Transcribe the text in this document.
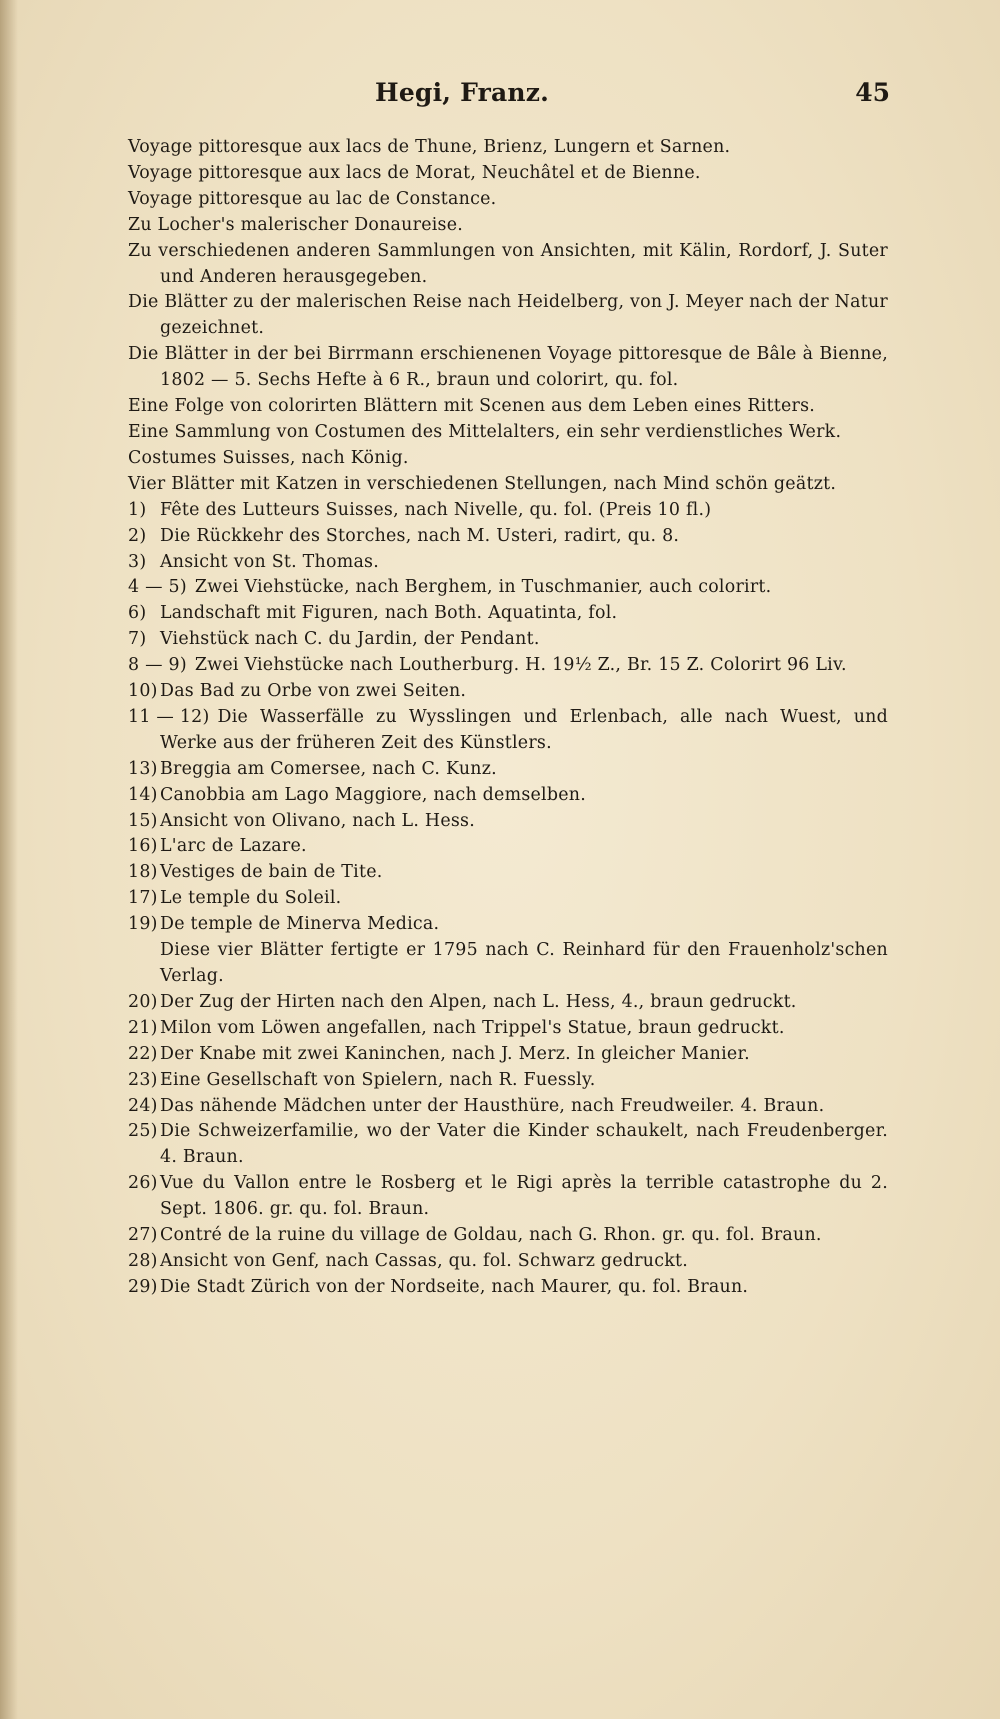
Hegi, Franz.	45

Voyage pittoresque aux lacs de Thune, Brienz, Lungern et Sarnen.

Voyage pittoresque aux lacs de Morat, Neuchâtel et de Bienne.

Voyage pittoresque au lac de Constance.

Zu Locher's malerischer Donaureise.

Zu verschiedenen anderen Sammlungen von Ansichten, mit Kälin, Rordorf, J. Suter und Anderen herausgegeben.

Die Blätter zu der malerischen Reise nach Heidelberg, von J. Meyer nach der Natur gezeichnet.

Die Blätter in der bei Birrmann erschienenen Voyage pittoresque de Bâle à Bienne, 1802 — 5. Sechs Hefte à 6 R., braun und colorirt, qu. fol.

Eine Folge von colorirten Blättern mit Scenen aus dem Leben eines Ritters.

Eine Sammlung von Costumen des Mittelalters, ein sehr verdienstliches Werk.

Costumes Suisses, nach König.

Vier Blätter mit Katzen in verschiedenen Stellungen, nach Mind schön geätzt.

1) Fête des Lutteurs Suisses, nach Nivelle, qu. fol. (Preis 10 fl.)

2) Die Rückkehr des Storches, nach M. Usteri, radirt, qu. 8.

3) Ansicht von St. Thomas.

4 — 5) Zwei Viehstücke, nach Berghem, in Tuschmanier, auch colorirt.

6) Landschaft mit Figuren, nach Both. Aquatinta, fol.

7) Viehstück nach C. du Jardin, der Pendant.

8 — 9) Zwei Viehstücke nach Loutherburg. H. 19½ Z., Br. 15 Z. Colorirt 96 Liv.

10) Das Bad zu Orbe von zwei Seiten.

11 — 12) Die Wasserfälle zu Wysslingen und Erlenbach, alle nach Wuest, und Werke aus der früheren Zeit des Künstlers.

13) Breggia am Comersee, nach C. Kunz.

14) Canobbia am Lago Maggiore, nach demselben.

15) Ansicht von Olivano, nach L. Hess.

16) L'arc de Lazare.

18) Vestiges de bain de Tite.

17) Le temple du Soleil.

19) De temple de Minerva Medica.

Diese vier Blätter fertigte er 1795 nach C. Reinhard für den Frauenholz'schen Verlag.

20) Der Zug der Hirten nach den Alpen, nach L. Hess, 4., braun gedruckt.

21) Milon vom Löwen angefallen, nach Trippel's Statue, braun gedruckt.

22) Der Knabe mit zwei Kaninchen, nach J. Merz. In gleicher Manier.

23) Eine Gesellschaft von Spielern, nach R. Fuessly.

24) Das nähende Mädchen unter der Hausthüre, nach Freudweiler. 4. Braun.

25) Die Schweizerfamilie, wo der Vater die Kinder schaukelt, nach Freudenberger. 4. Braun.

26) Vue du Vallon entre le Rosberg et le Rigi après la terrible catastrophe du 2. Sept. 1806. gr. qu. fol. Braun.

27) Contré de la ruine du village de Goldau, nach G. Rhon. gr. qu. fol. Braun.

28) Ansicht von Genf, nach Cassas, qu. fol. Schwarz gedruckt.

29) Die Stadt Zürich von der Nordseite, nach Maurer, qu. fol. Braun.
